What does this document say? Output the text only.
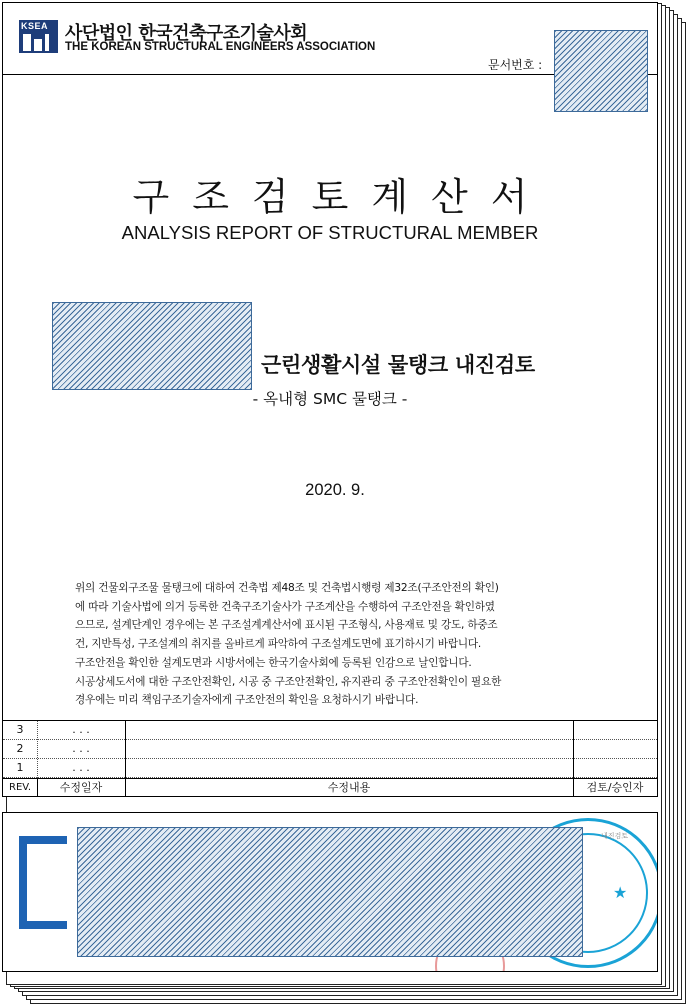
KSEA 사단법인 한국건축구조기술사회
THE KOREAN STRUCTURAL ENGINEERS ASSOCIATION
문서번호 :
구조검토계산서
ANALYSIS REPORT OF STRUCTURAL MEMBER
근린생활시설 물탱크 내진검토
- 옥내형 SMC 물탱크 -
2020. 9.

위의 건물외구조물 물탱크에 대하여 건축법 제48조 및 건축법시행령 제32조(구조안전의 확인)

에 따라 기술사법에 의거 등록한 건축구조기술사가 구조계산을 수행하여 구조안전을 확인하였

으므로, 설계단계인 경우에는 본 구조설계계산서에 표시된 구조형식, 사용재료 및 강도, 하중조

건, 지반특성, 구조설계의 취지를 올바르게 파악하여 구조설계도면에 표기하시기 바랍니다.

구조안전을 확인한 설계도면과 시방서에는 한국기술사회에 등록된 인감으로 날인합니다.

시공상세도서에 대한 구조안전확인, 시공 중 구조안전확인, 유지관리 중 구조안전확인이 필요한

경우에는 미리 책임구조기술자에게 구조안전의 확인을 요청하시기 바랍니다.

3	. . .
2	. . .
1	. . .
REV.	수정일자	수정내용	검토/승인자
★
내진검토
